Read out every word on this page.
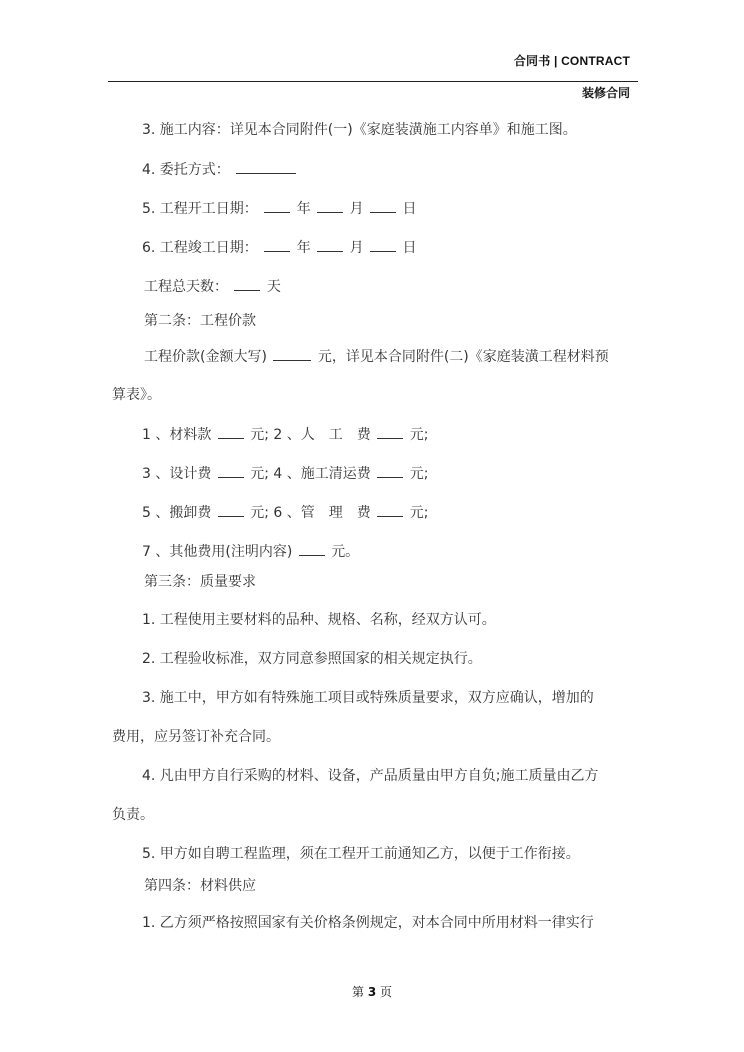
合同书 | CONTRACT
装修合同
3. 施工内容：详见本合同附件(一)《家庭装潢施工内容单》和施工图。
4. 委托方式：
5. 工程开工日期：	年	月	日
6. 工程竣工日期：	年	月	日
工程总天数：	天
第二条：工程价款
工程价款(金额大写)	元，详见本合同附件(二)《家庭装潢工程材料预
算表》。
1 、材料款	元; 2 、人　工　费	元;
3 、设计费	元; 4 、施工清运费	元;
5 、搬卸费	元; 6 、管　理　费	元;
7 、其他费用(注明内容)	元。
第三条：质量要求
1. 工程使用主要材料的品种、规格、名称，经双方认可。
2. 工程验收标准，双方同意参照国家的相关规定执行。
3. 施工中，甲方如有特殊施工项目或特殊质量要求，双方应确认，增加的
费用，应另签订补充合同。
4. 凡由甲方自行采购的材料、设备，产品质量由甲方自负;施工质量由乙方
负责。
5. 甲方如自聘工程监理，须在工程开工前通知乙方，以便于工作衔接。
第四条：材料供应
1. 乙方须严格按照国家有关价格条例规定，对本合同中所用材料一律实行
第 3 页
